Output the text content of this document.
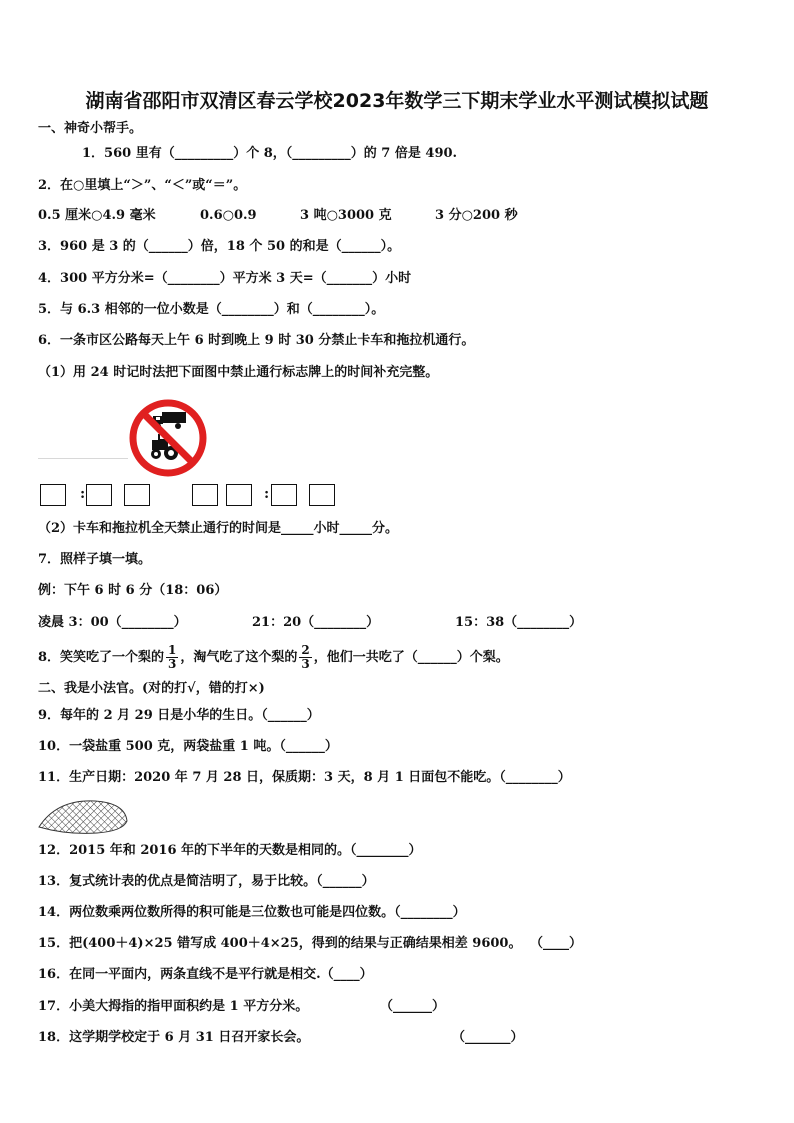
湖南省邵阳市双清区春云学校2023年数学三下期末学业水平测试模拟试题
一、神奇小帮手。
1．560 里有（_________）个 8，（_________）的 7 倍是 490.
2．在○里填上“＞”、“＜”或“＝”。
0.5 厘米○4.9 毫米	0.6○0.9	3 吨○3000 克	3 分○200 秒
3．960 是 3 的（______）倍，18 个 50 的和是（______）。
4．300 平方分米=（________）平方米 3 天=（_______）小时
5．与 6.3 相邻的一位小数是（________）和（________）。
6．一条市区公路每天上午 6 时到晚上 9 时 30 分禁止卡车和拖拉机通行。
（1）用 24 时记时法把下面图中禁止通行标志牌上的时间补充完整。
:	:
（2）卡车和拖拉机全天禁止通行的时间是_____小时_____分。
7．照样子填一填。
例：下午 6 时 6 分（18：06）
凌晨 3：00（________）	21：20（________）	15：38（________）
8．笑笑吃了一个梨的 $\frac{1}{3}$ ，淘气吃了这个梨的 $\frac{2}{3}$ ，他们一共吃了（______）个梨。
二、我是小法官。(对的打√，错的打×)
9．每年的 2 月 29 日是小华的生日。（______）
10．一袋盐重 500 克，两袋盐重 1 吨。（______）
11．生产日期：2020 年 7 月 28 日，保质期：3 天，8 月 1 日面包不能吃。（________）
12．2015 年和 2016 年的下半年的天数是相同的。（________）
13．复式统计表的优点是简洁明了，易于比较。（______）
14．两位数乘两位数所得的积可能是三位数也可能是四位数。（________）
15．把(400＋4)×25 错写成 400＋4×25，得到的结果与正确结果相差 9600。 （____）
16．在同一平面内，两条直线不是平行就是相交.（____）
17．小美大拇指的指甲面积约是 1 平方分米。	（______）
18．这学期学校定于 6 月 31 日召开家长会。	（_______）
